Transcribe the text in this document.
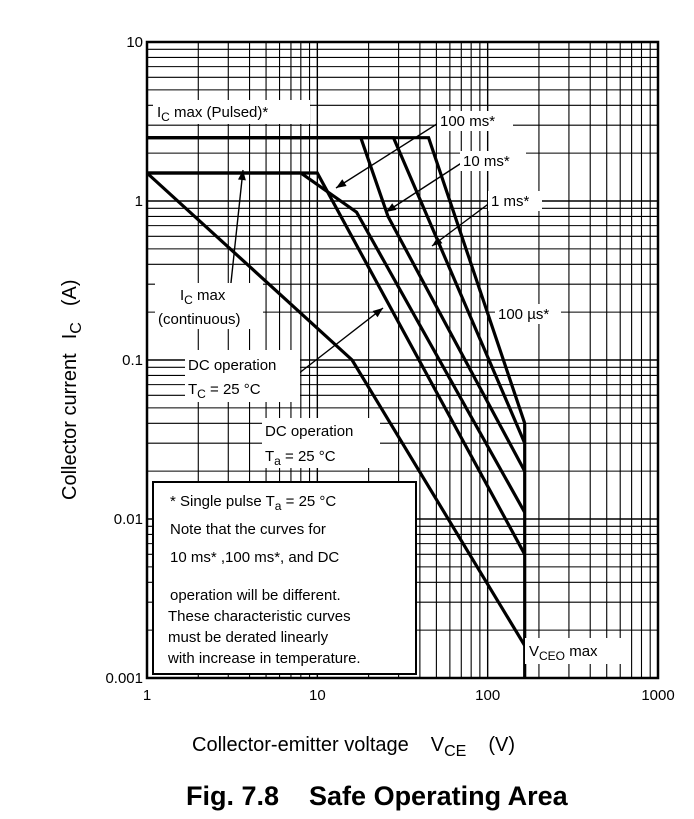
* Single pulse $T_a = 25$ °C
Note that the curves for
10 ms* ,100 ms*, and DC
operation will be different.
These characteristic curves
must be derated linearly
with increase in temperature.
$I_C$ max (Pulsed)*
100 ms*
10 ms*
1 ms*
100 µs*
$I_C$ max
(continuous)
DC operation
$T_C = 25$ °C
DC operation
$T_a = 25$ °C
$V_{CEO}$ max
1	10	100	1000
10
1
0.1
0.01
0.001
Collector-emitter voltage $V_{CE}$ (V)
Collector currentI$_C$(A)
Fig. 7.8    Safe Operating Area
